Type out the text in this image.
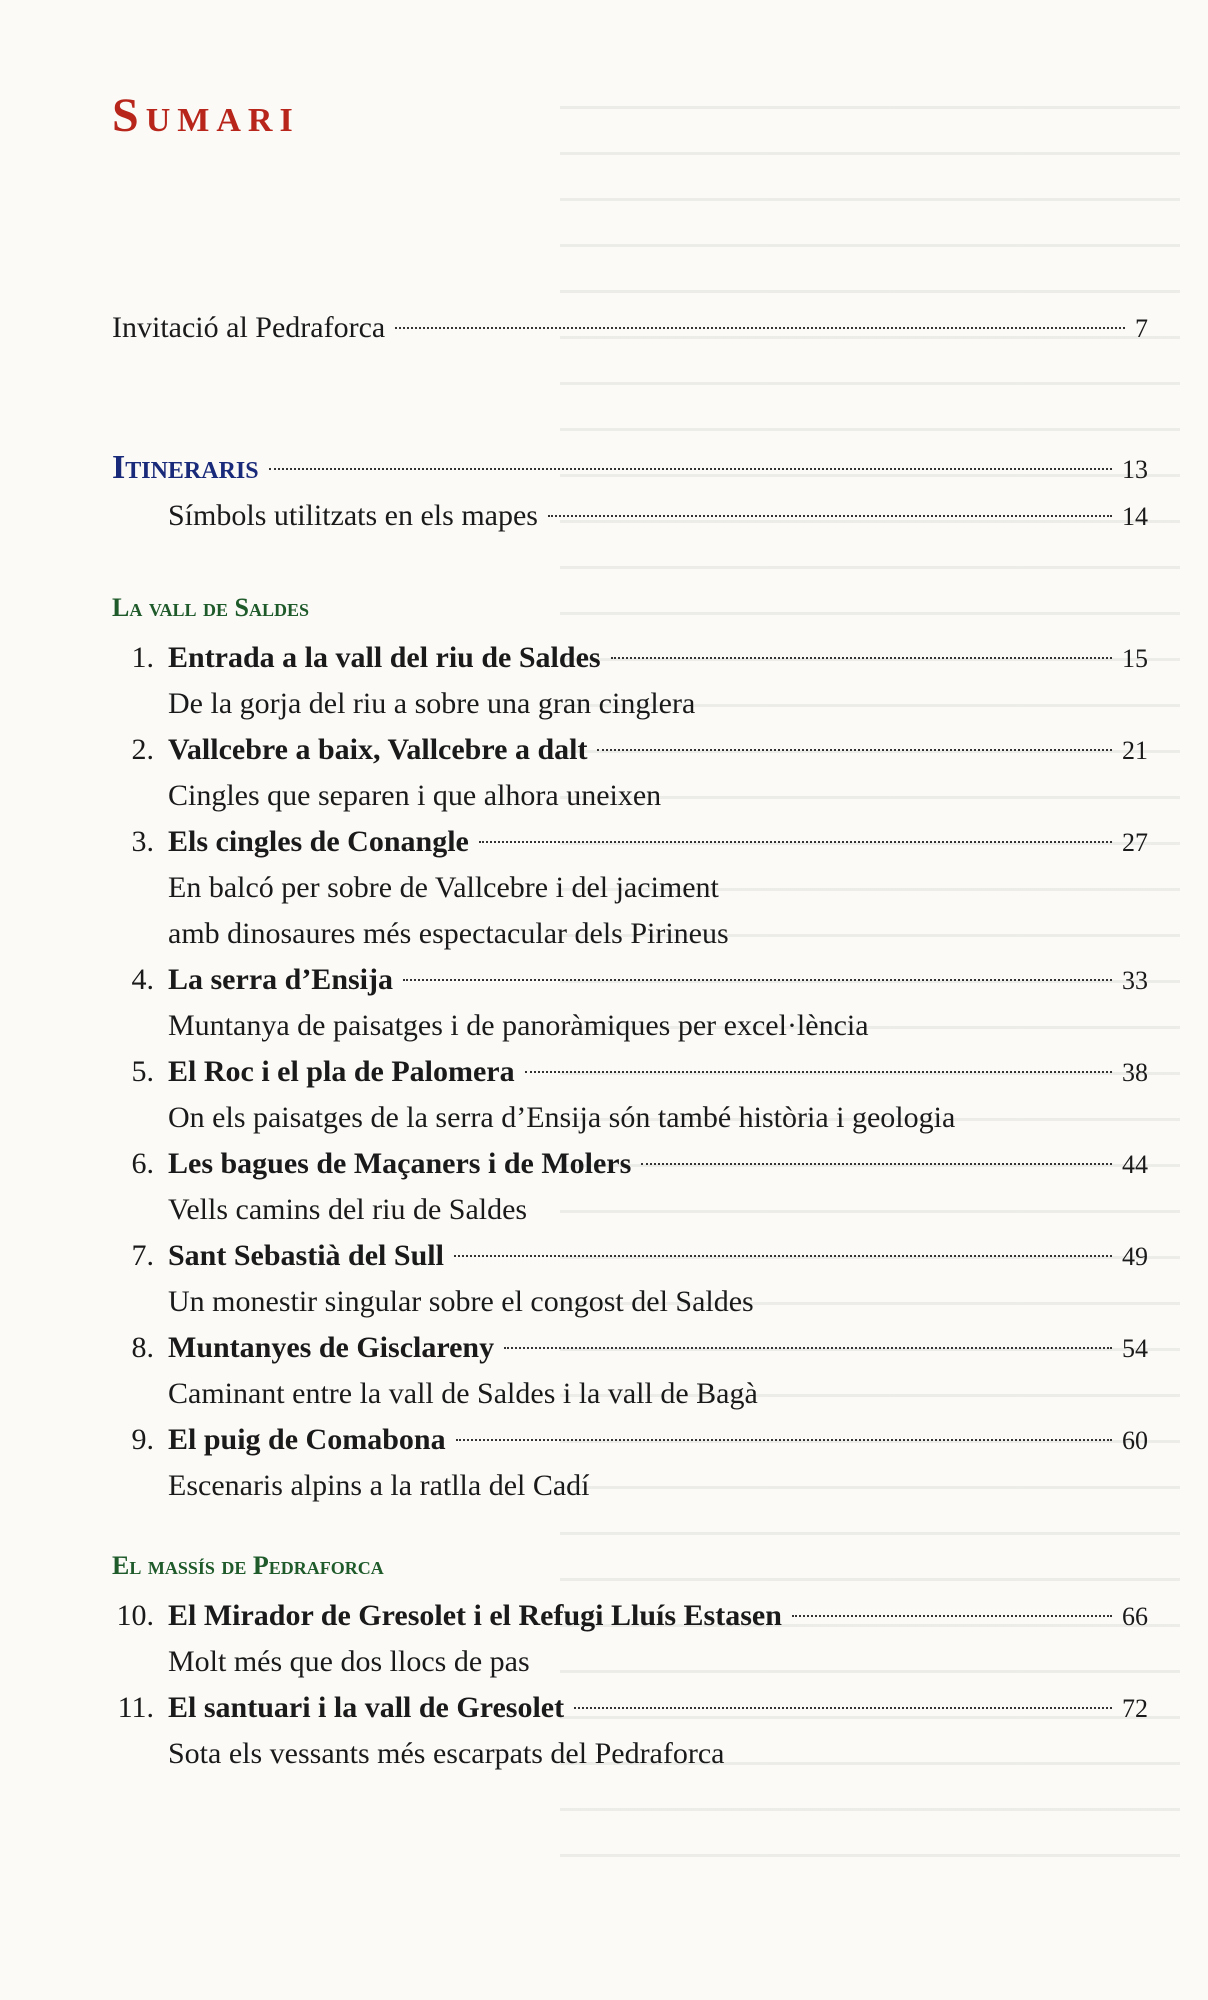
Sumari
Invitació al Pedraforca	7
Itineraris	13
Símbols utilitzats en els mapes	14
La vall de Saldes
1. Entrada a la vall del riu de Saldes	15
De la gorja del riu a sobre una gran cinglera
2. Vallcebre a baix, Vallcebre a dalt	21
Cingles que separen i que alhora uneixen
3. Els cingles de Conangle	27
En balcó per sobre de Vallcebre i del jaciment
amb dinosaures més espectacular dels Pirineus
4. La serra d’Ensija	33
Muntanya de paisatges i de panoràmiques per excel·lència
5. El Roc i el pla de Palomera	38
On els paisatges de la serra d’Ensija són també història i geologia
6. Les bagues de Maçaners i de Molers	44
Vells camins del riu de Saldes
7. Sant Sebastià del Sull	49
Un monestir singular sobre el congost del Saldes
8. Muntanyes de Gisclareny	54
Caminant entre la vall de Saldes i la vall de Bagà
9. El puig de Comabona	60
Escenaris alpins a la ratlla del Cadí
El massís de Pedraforca
10. El Mirador de Gresolet i el Refugi Lluís Estasen	66
Molt més que dos llocs de pas
11. El santuari i la vall de Gresolet	72
Sota els vessants més escarpats del Pedraforca
